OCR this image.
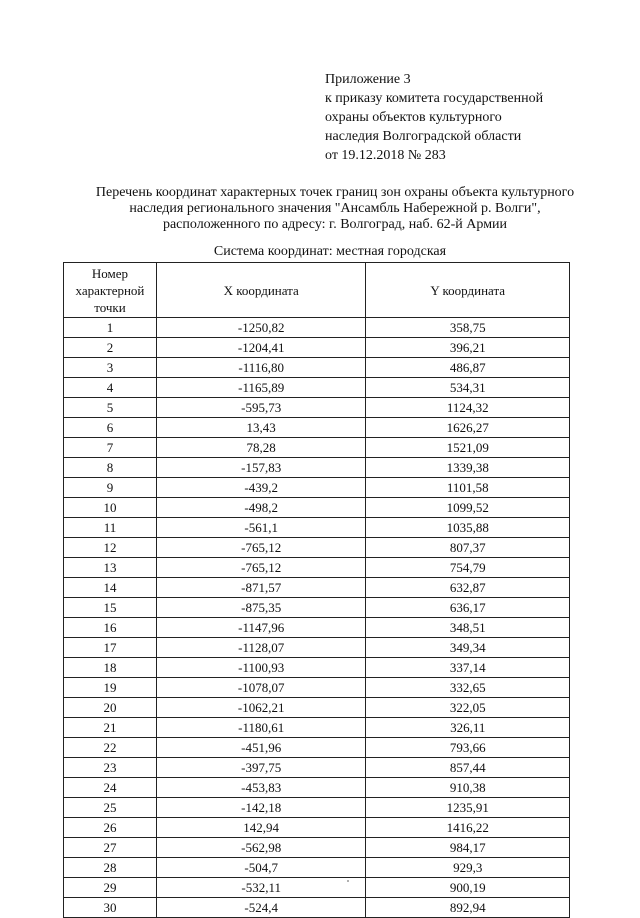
Приложение 3
к приказу комитета государственной
охраны объектов культурного
наследия Волгоградской области
от 19.12.2018 № 283
Перечень координат характерных точек границ зон охраны объекта культурного
наследия регионального значения "Ансамбль Набережной р. Волги",
расположенного по адресу: г. Волгоград, наб. 62-й Армии
Система координат: местная городская
Номер
характерной
точки	X координата	Y координата
1	-1250,82	358,75
2	-1204,41	396,21
3	-1116,80	486,87
4	-1165,89	534,31
5	-595,73	1124,32
6	13,43	1626,27
7	78,28	1521,09
8	-157,83	1339,38
9	-439,2	1101,58
10	-498,2	1099,52
11	-561,1	1035,88
12	-765,12	807,37
13	-765,12	754,79
14	-871,57	632,87
15	-875,35	636,17
16	-1147,96	348,51
17	-1128,07	349,34
18	-1100,93	337,14
19	-1078,07	332,65
20	-1062,21	322,05
21	-1180,61	326,11
22	-451,96	793,66
23	-397,75	857,44
24	-453,83	910,38
25	-142,18	1235,91
26	142,94	1416,22
27	-562,98	984,17
28	-504,7	929,3
29	-532,11	900,19
30	-524,4	892,94
